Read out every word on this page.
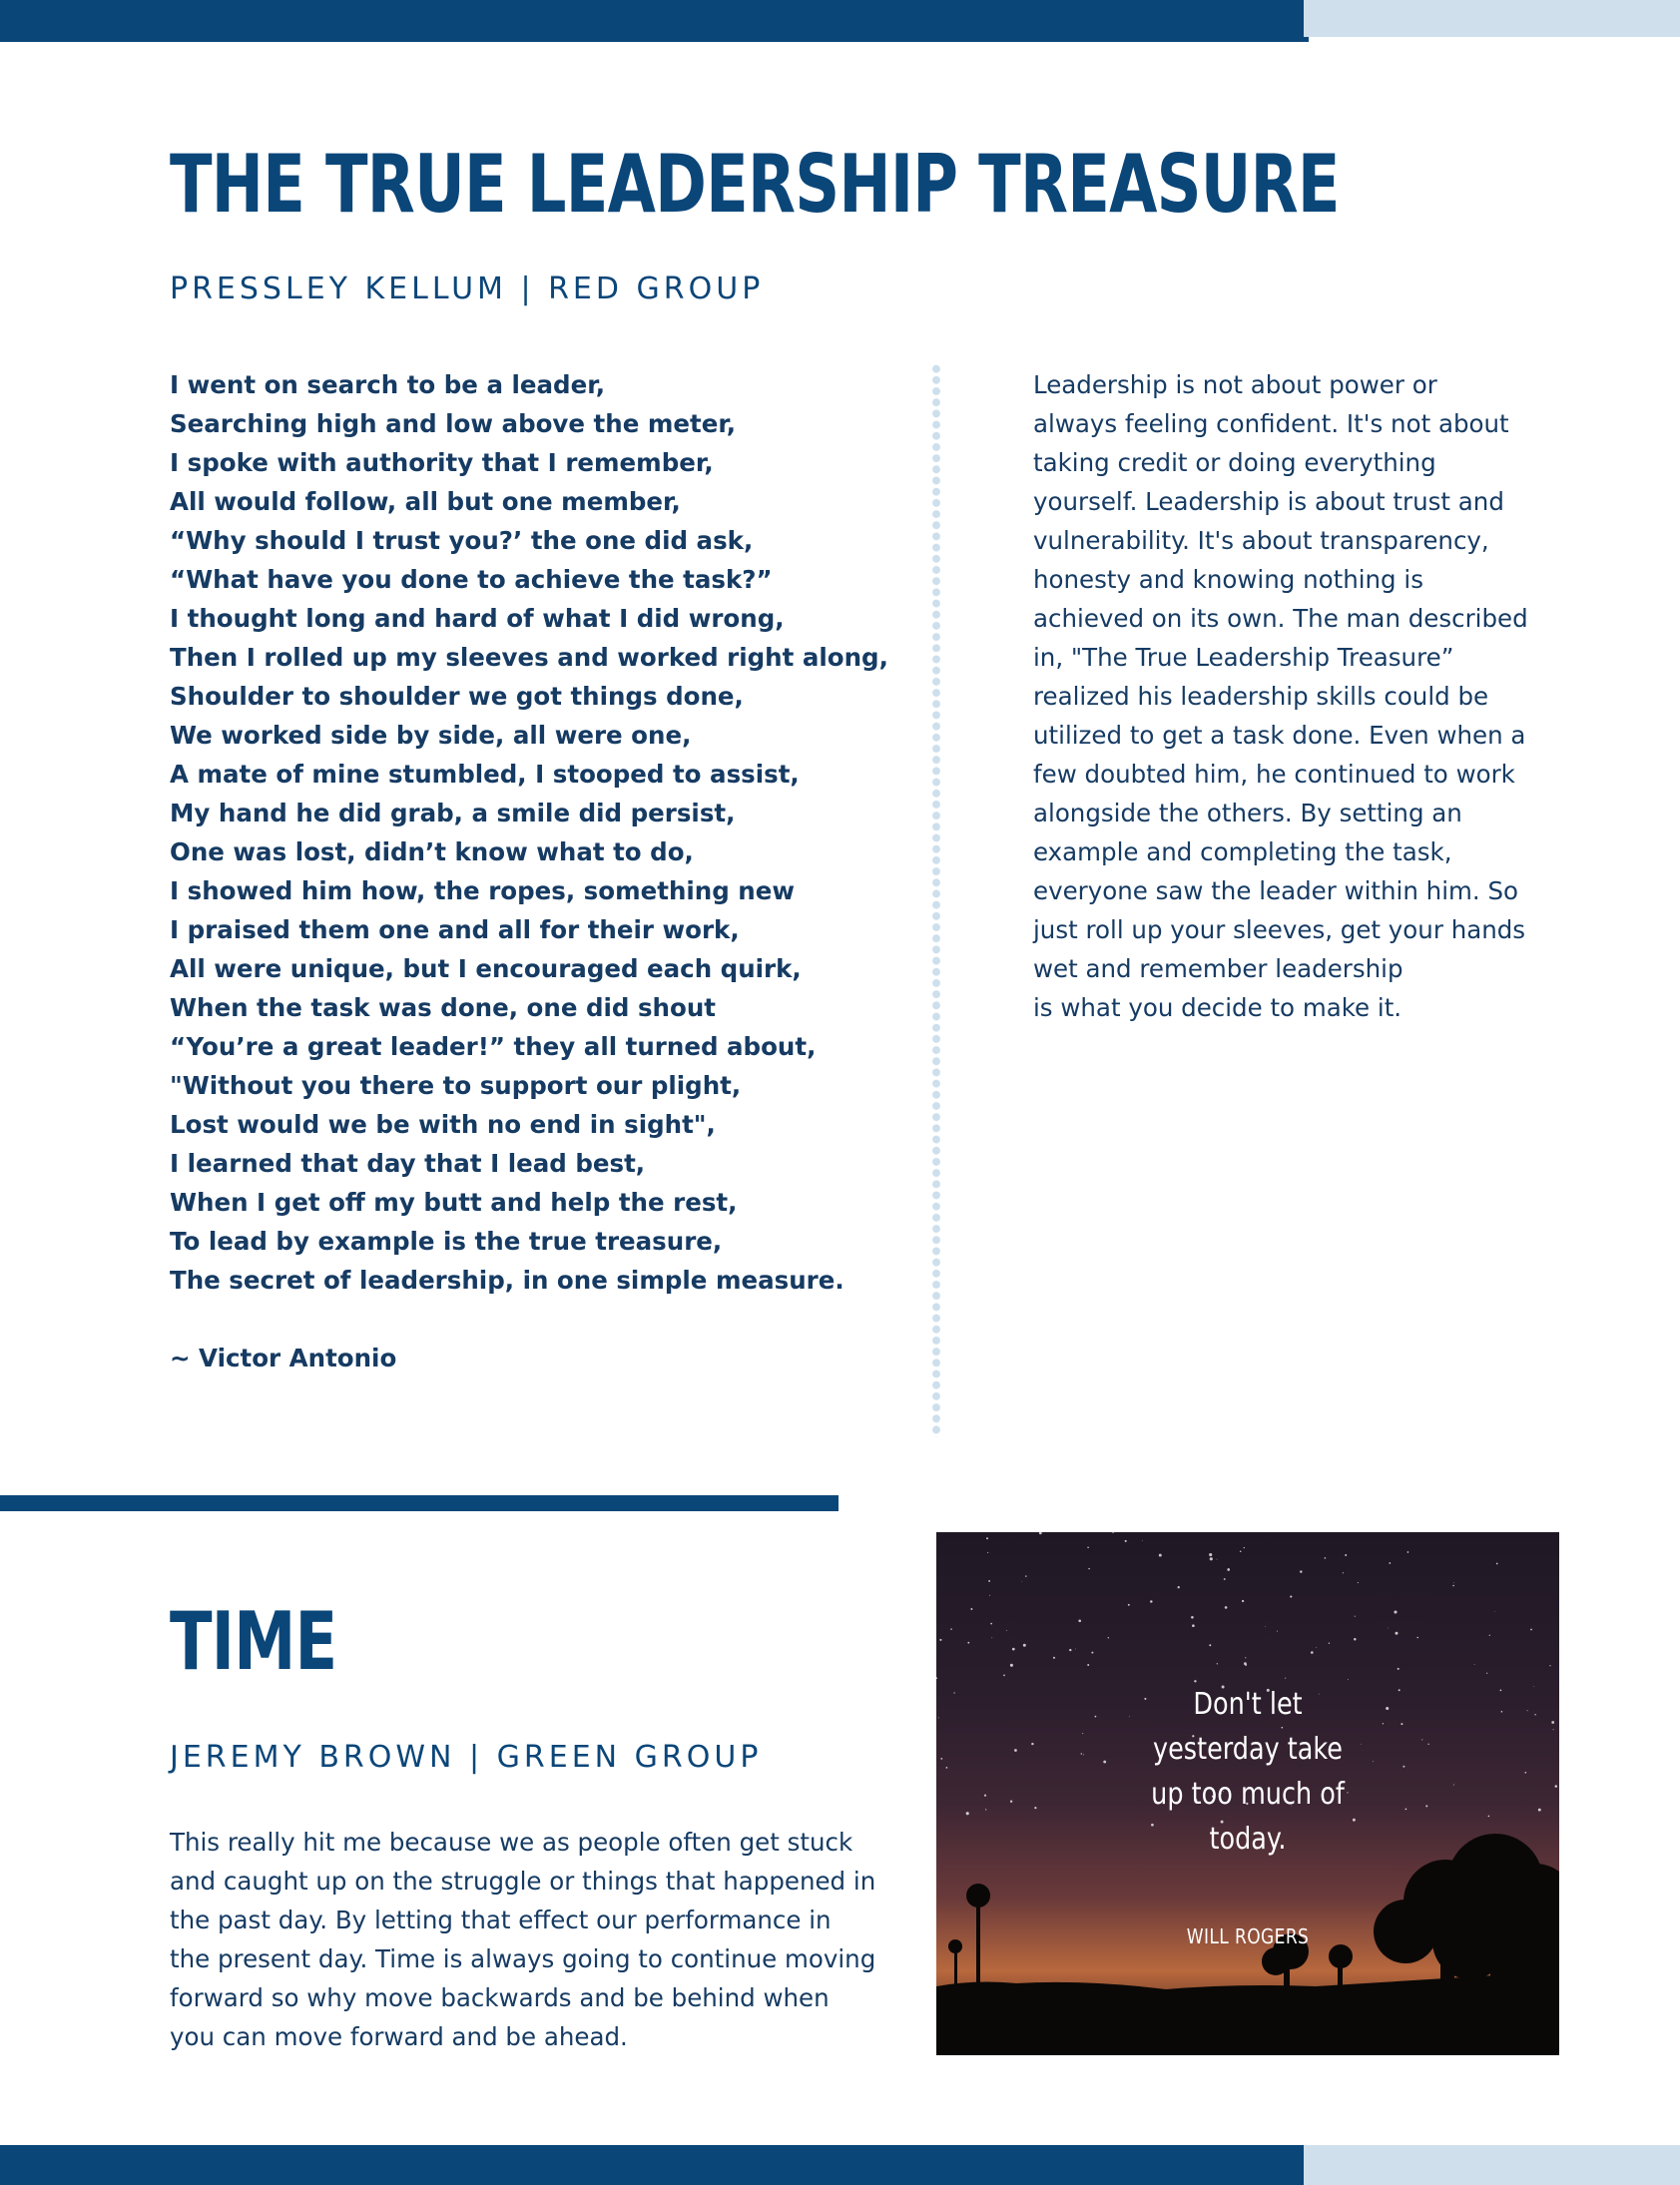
THE TRUE LEADERSHIP TREASURE
PRESSLEY KELLUM | RED GROUP
I went on search to be a leader,
Searching high and low above the meter,
I spoke with authority that I remember,
All would follow, all but one member,
“Why should I trust you?’ the one did ask,
“What have you done to achieve the task?”
I thought long and hard of what I did wrong,
Then I rolled up my sleeves and worked right along,
Shoulder to shoulder we got things done,
We worked side by side, all were one,
A mate of mine stumbled, I stooped to assist,
My hand he did grab, a smile did persist,
One was lost, didn’t know what to do,
I showed him how, the ropes, something new
I praised them one and all for their work,
All were unique, but I encouraged each quirk,
When the task was done, one did shout
“You’re a great leader!” they all turned about,
"Without you there to support our plight,
Lost would we be with no end in sight",
I learned that day that I lead best,
When I get off my butt and help the rest,
To lead by example is the true treasure,
The secret of leadership, in one simple measure.
~ Victor Antonio
Leadership is not about power or
always feeling confident. It's not about
taking credit or doing everything
yourself. Leadership is about trust and
vulnerability. It's about transparency,
honesty and knowing nothing is
achieved on its own. The man described
in, "The True Leadership Treasure”
realized his leadership skills could be
utilized to get a task done. Even when a
few doubted him, he continued to work
alongside the others. By setting an
example and completing the task,
everyone saw the leader within him. So
just roll up your sleeves, get your hands
wet and remember leadership
is what you decide to make it.
TIME
JEREMY BROWN | GREEN GROUP
This really hit me because we as people often get stuck
and caught up on the struggle or things that happened in
the past day. By letting that effect our performance in
the present day. Time is always going to continue moving
forward so why move backwards and be behind when
you can move forward and be ahead.
Don't let
yesterday take
up too much of
today.
WILL ROGERS
